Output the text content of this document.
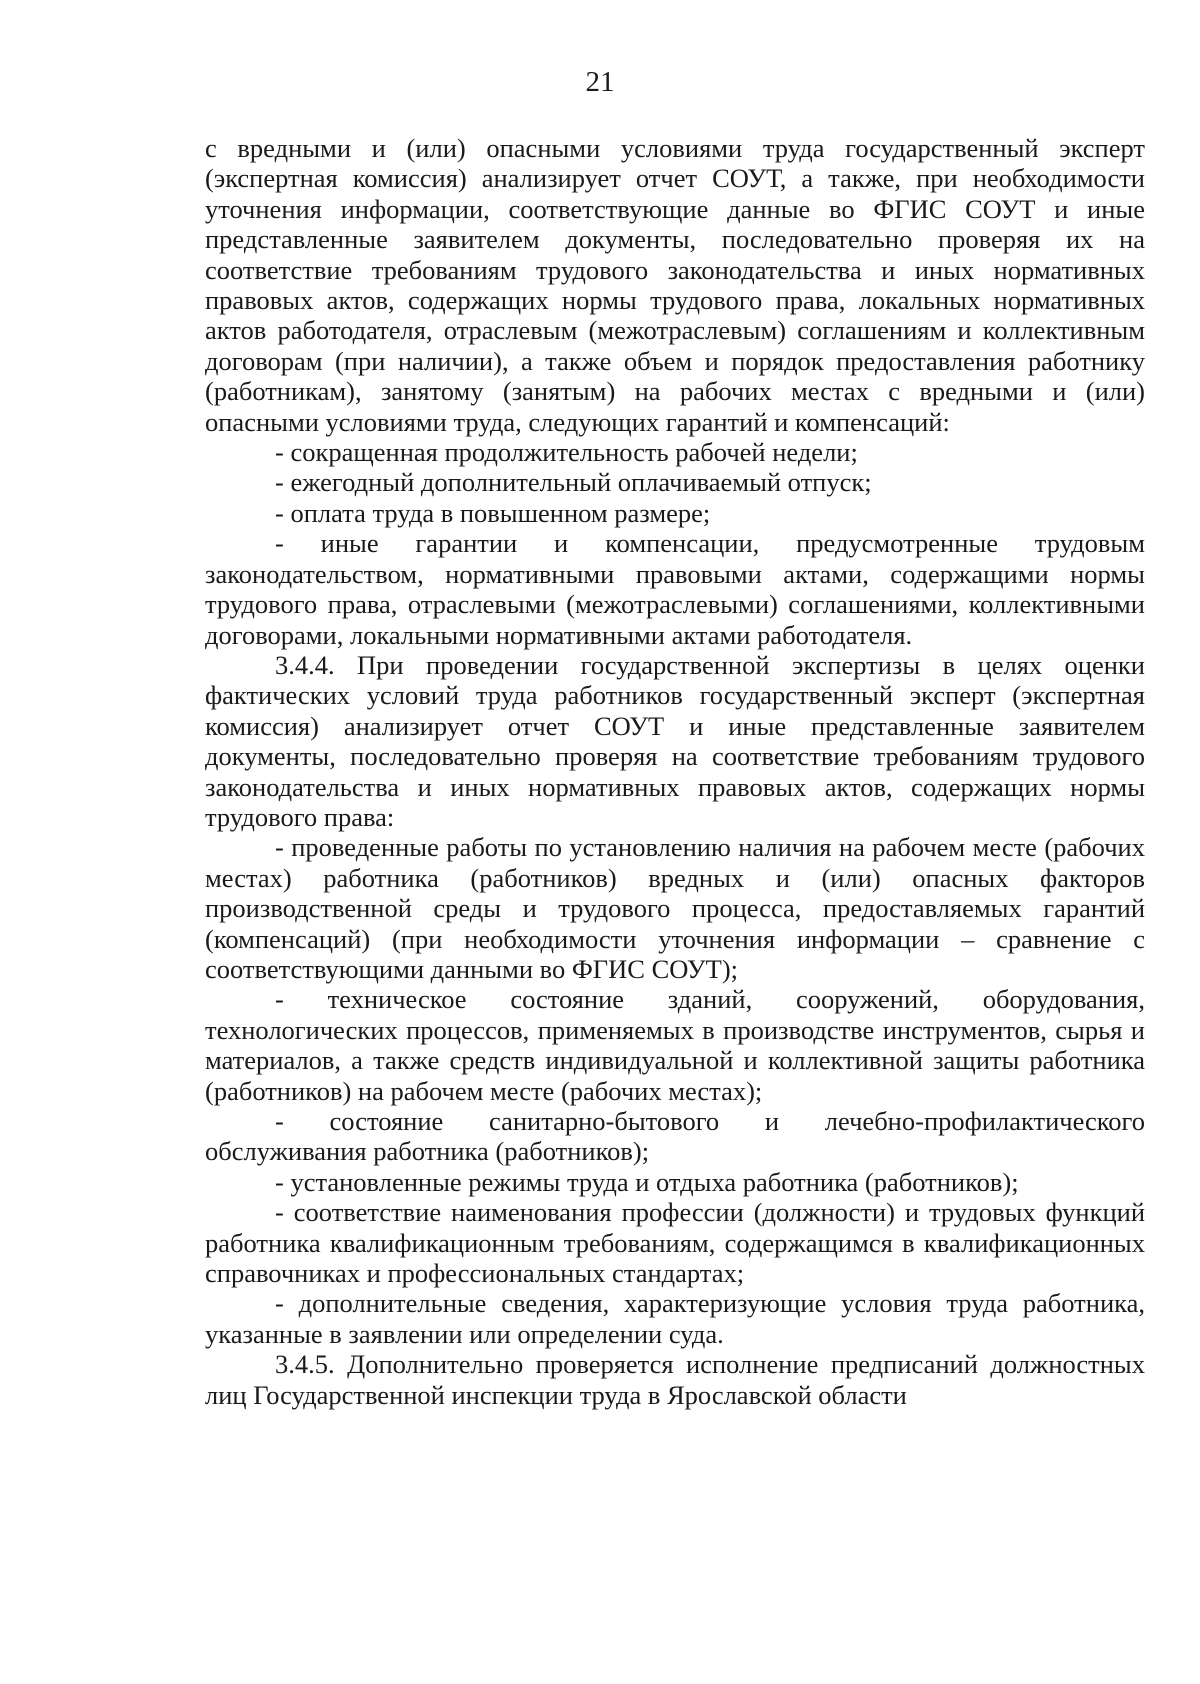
21

с вредными и (или) опасными условиями труда государственный эксперт (экспертная комиссия) анализирует отчет СОУТ, а также, при необходимости уточнения информации, соответствующие данные во ФГИС СОУТ и иные представленные заявителем документы, последовательно проверяя их на соответствие требованиям трудового законодательства и иных нормативных правовых актов, содержащих нормы трудового права, локальных нормативных актов работодателя, отраслевым (межотраслевым) соглашениям и коллективным договорам (при наличии), а также объем и порядок предоставления работнику (работникам), занятому (занятым) на рабочих местах с вредными и (или) опасными условиями труда, следующих гарантий и компенсаций:

- сокращенная продолжительность рабочей недели;

- ежегодный дополнительный оплачиваемый отпуск;

- оплата труда в повышенном размере;

- иные гарантии и компенсации, предусмотренные трудовым законодательством, нормативными правовыми актами, содержащими нормы трудового права, отраслевыми (межотраслевыми) соглашениями, коллективными договорами, локальными нормативными актами работодателя.

3.4.4. При проведении государственной экспертизы в целях оценки фактических условий труда работников государственный эксперт (экспертная комиссия) анализирует отчет СОУТ и иные представленные заявителем документы, последовательно проверяя на соответствие требованиям трудового законодательства и иных нормативных правовых актов, содержащих нормы трудового права:

- проведенные работы по установлению наличия на рабочем месте (рабочих местах) работника (работников) вредных и (или) опасных факторов производственной среды и трудового процесса, предоставляемых гарантий (компенсаций) (при необходимости уточнения информации – сравнение с соответствующими данными во ФГИС СОУТ);

- техническое состояние зданий, сооружений, оборудования, технологических процессов, применяемых в производстве инструментов, сырья и материалов, а также средств индивидуальной и коллективной защиты работника (работников) на рабочем месте (рабочих местах);

- состояние санитарно-бытового и лечебно-профилактического обслуживания работника (работников);

- установленные режимы труда и отдыха работника (работников);

- соответствие наименования профессии (должности) и трудовых функций работника квалификационным требованиям, содержащимся в квалификационных справочниках и профессиональных стандартах;

- дополнительные сведения, характеризующие условия труда работника, указанные в заявлении или определении суда.

3.4.5. Дополнительно проверяется исполнение предписаний должностных лиц Государственной инспекции труда в Ярославской области
